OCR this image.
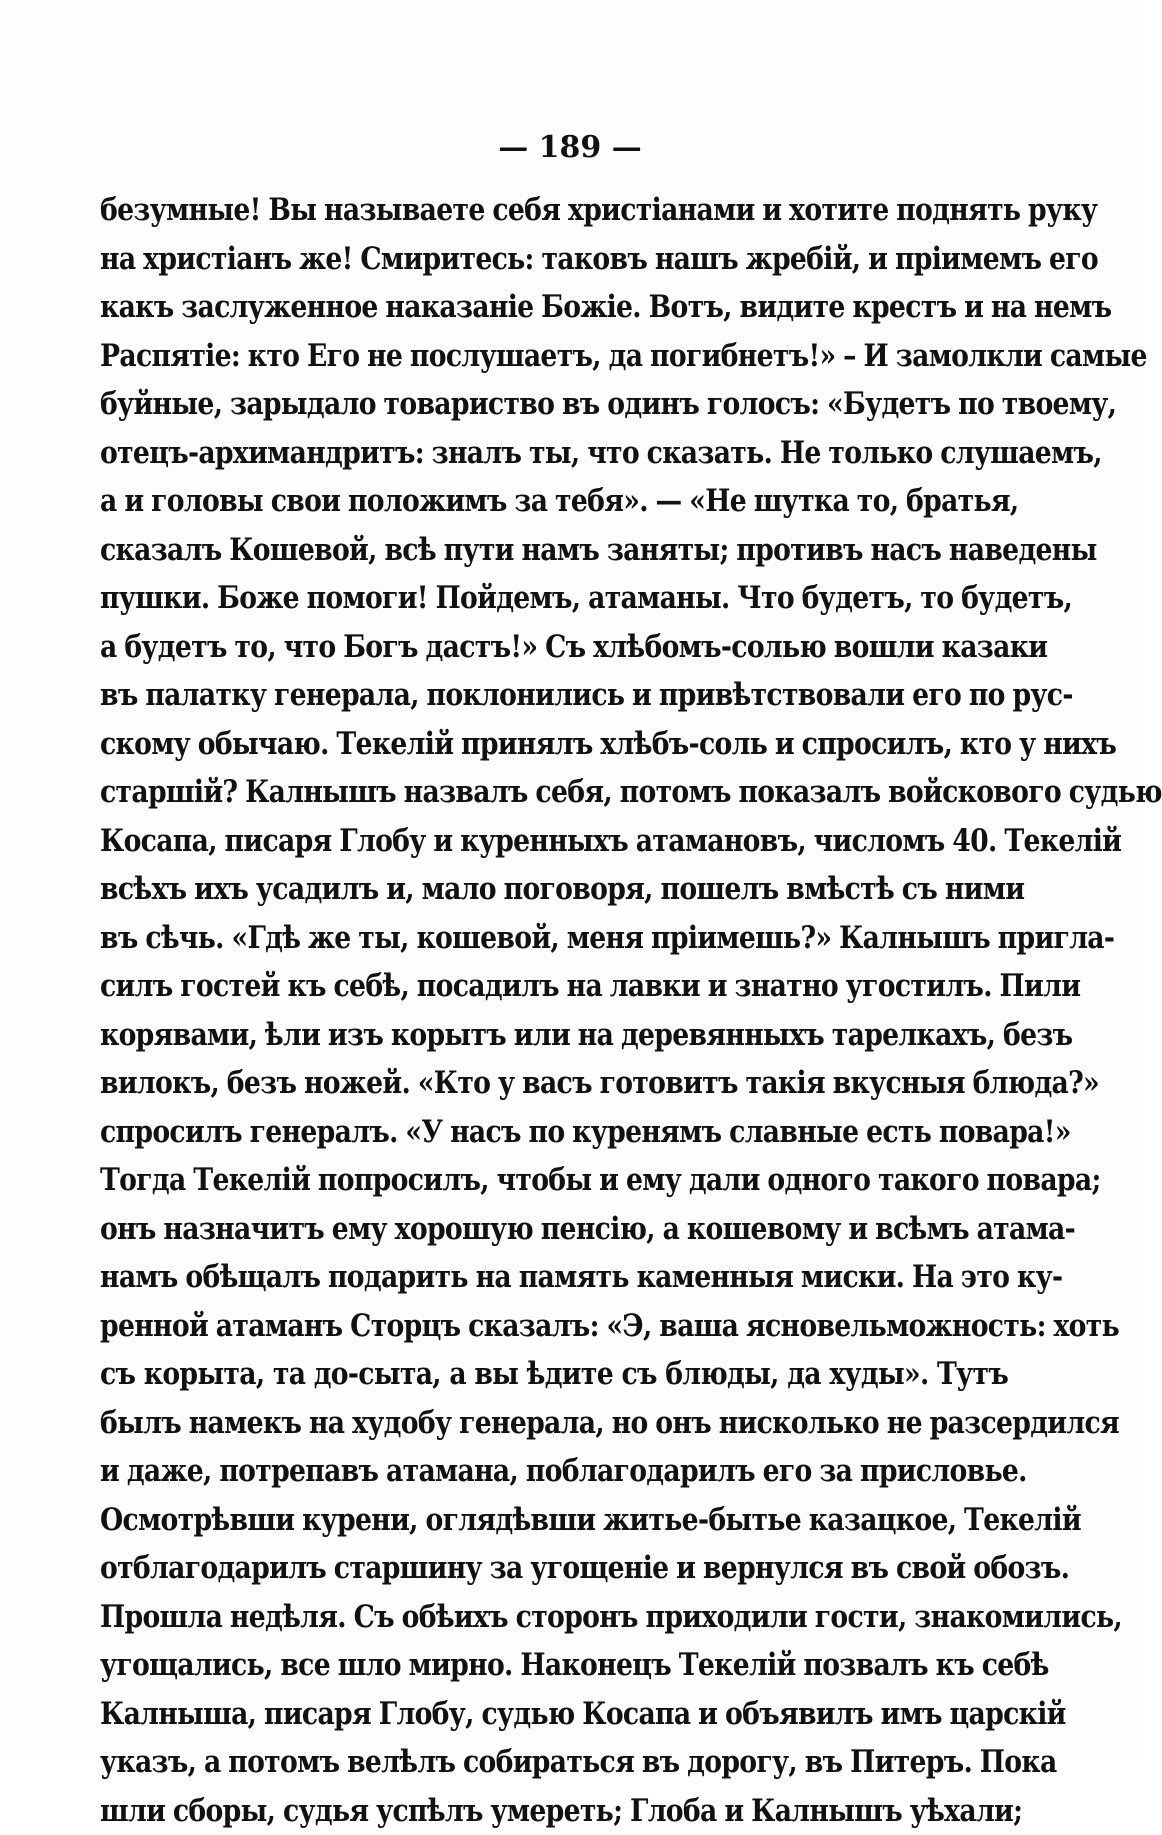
— 189 —
безумные! Вы называете себя христіанами и хотите поднять руку
на христіанъ же! Смиритесь: таковъ нашъ жребій, и пріимемъ его
какъ заслуженное наказаніе Божіе. Вотъ, видите крестъ и на немъ
Распятіе: кто Его не послушаетъ, да погибнетъ!» – И замолкли самые
буйные, зарыдало товариство въ одинъ голосъ: «Будетъ по твоему,
отецъ-архимандритъ: зналъ ты, что сказать. Не только слушаемъ,
а и головы свои положимъ за тебя». — «Не шутка то, братья,
сказалъ Кошевой, всѣ пути намъ заняты; противъ насъ наведены
пушки. Боже помоги! Пойдемъ, атаманы. Что будетъ, то будетъ,
а будетъ то, что Богъ дастъ!» Съ хлѣбомъ-солью вошли казаки
въ палатку генерала, поклонились и привѣтствовали его по рус-
скому обычаю. Текелій принялъ хлѣбъ-соль и спросилъ, кто у нихъ
старшій? Калнышъ назвалъ себя, потомъ показалъ войскового судью
Косапа, писаря Глобу и куренныхъ атамановъ, числомъ 40. Текелій
всѣхъ ихъ усадилъ и, мало поговоря, пошелъ вмѣстѣ съ ними
въ сѣчь. «Гдѣ же ты, кошевой, меня пріимешь?» Калнышъ пригла-
силъ гостей къ себѣ, посадилъ на лавки и знатно угостилъ. Пили
корявами, ѣли изъ корытъ или на деревянныхъ тарелкахъ, безъ
вилокъ, безъ ножей. «Кто у васъ готовитъ такія вкусныя блюда?»
спросилъ генералъ. «У насъ по куренямъ славные есть повара!»
Тогда Текелій попросилъ, чтобы и ему дали одного такого повара;
онъ назначитъ ему хорошую пенсію, а кошевому и всѣмъ атама-
намъ обѣщалъ подарить на память каменныя миски. На это ку-
ренной атаманъ Сторцъ сказалъ: «Э, ваша ясновельможность: хоть
съ корыта, та до-сыта, а вы ѣдите съ блюды, да худы». Тутъ
былъ намекъ на худобу генерала, но онъ нисколько не разсердился
и даже, потрепавъ атамана, поблагодарилъ его за присловье.
Осмотрѣвши курени, оглядѣвши житье-бытье казацкое, Текелій
отблагодарилъ старшину за угощеніе и вернулся въ свой обозъ.
Прошла недѣля. Съ обѣихъ сторонъ приходили гости, знакомились,
угощались, все шло мирно. Наконецъ Текелій позвалъ къ себѣ
Калныша, писаря Глобу, судью Косапа и объявилъ имъ царскій
указъ, а потомъ велѣлъ собираться въ дорогу, въ Питеръ. Пока
шли сборы, судья успѣлъ умереть; Глоба и Калнышъ уѣхали;
